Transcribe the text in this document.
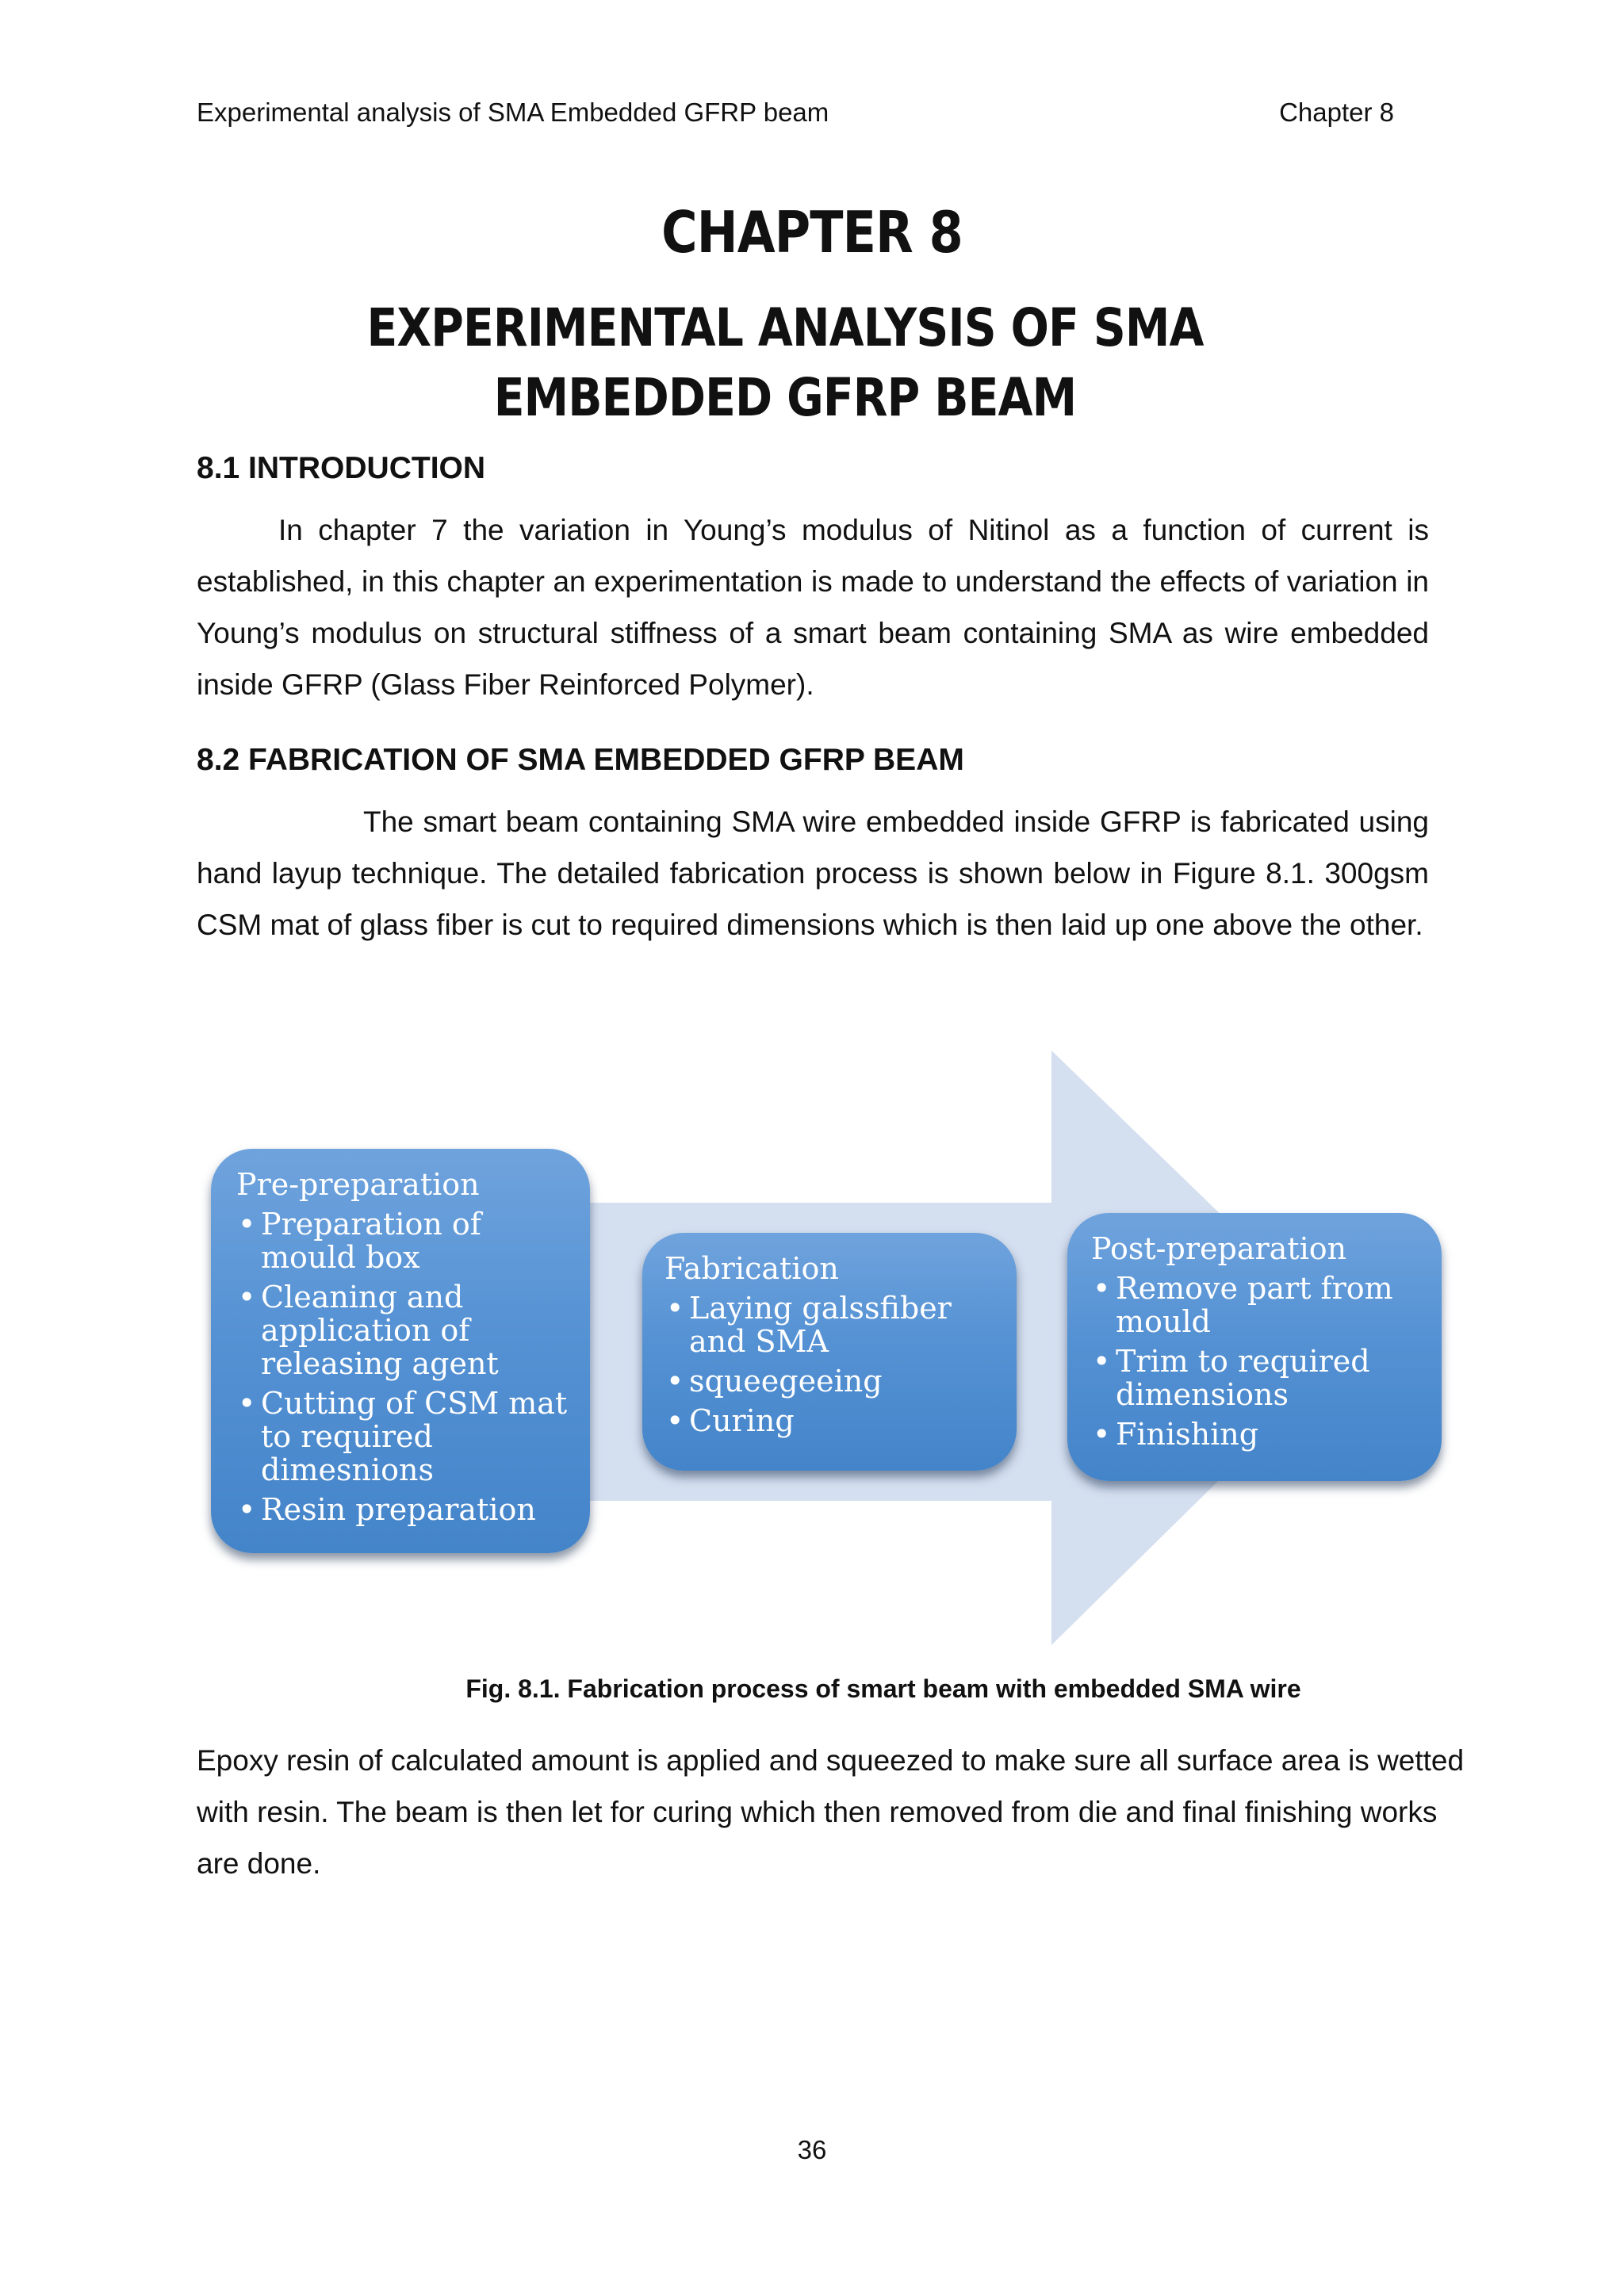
Experimental analysis of SMA Embedded GFRP beam	Chapter 8
CHAPTER 8
EXPERIMENTAL ANALYSIS OF SMA EMBEDDED GFRP BEAM
8.1 INTRODUCTION

In chapter 7 the variation in Young’s modulus of Nitinol as a function of current is established, in this chapter an experimentation is made to understand the effects of variation in Young’s modulus on structural stiffness of a smart beam containing SMA as wire embedded inside GFRP (Glass Fiber Reinforced Polymer).

8.2 FABRICATION OF SMA EMBEDDED GFRP BEAM

The smart beam containing SMA wire embedded inside GFRP is fabricated using hand layup technique. The detailed fabrication process is shown below in Figure 8.1. 300gsm CSM mat of glass fiber is cut to required dimensions which is then laid up one above the other.

Pre-preparation
• Preparation of mould box
• Cleaning and application of releasing agent
• Cutting of CSM mat to required dimesnions
• Resin preparation
Fabrication
• Laying galssfiber and SMA
• squeegeeing
• Curing
Post-preparation
• Remove part from mould
• Trim to required dimensions
• Finishing
Fig. 8.1. Fabrication process of smart beam with embedded SMA wire

Epoxy resin of calculated amount is applied and squeezed to make sure all surface area is wetted with resin. The beam is then let for curing which then removed from die and final finishing works are done.

36
